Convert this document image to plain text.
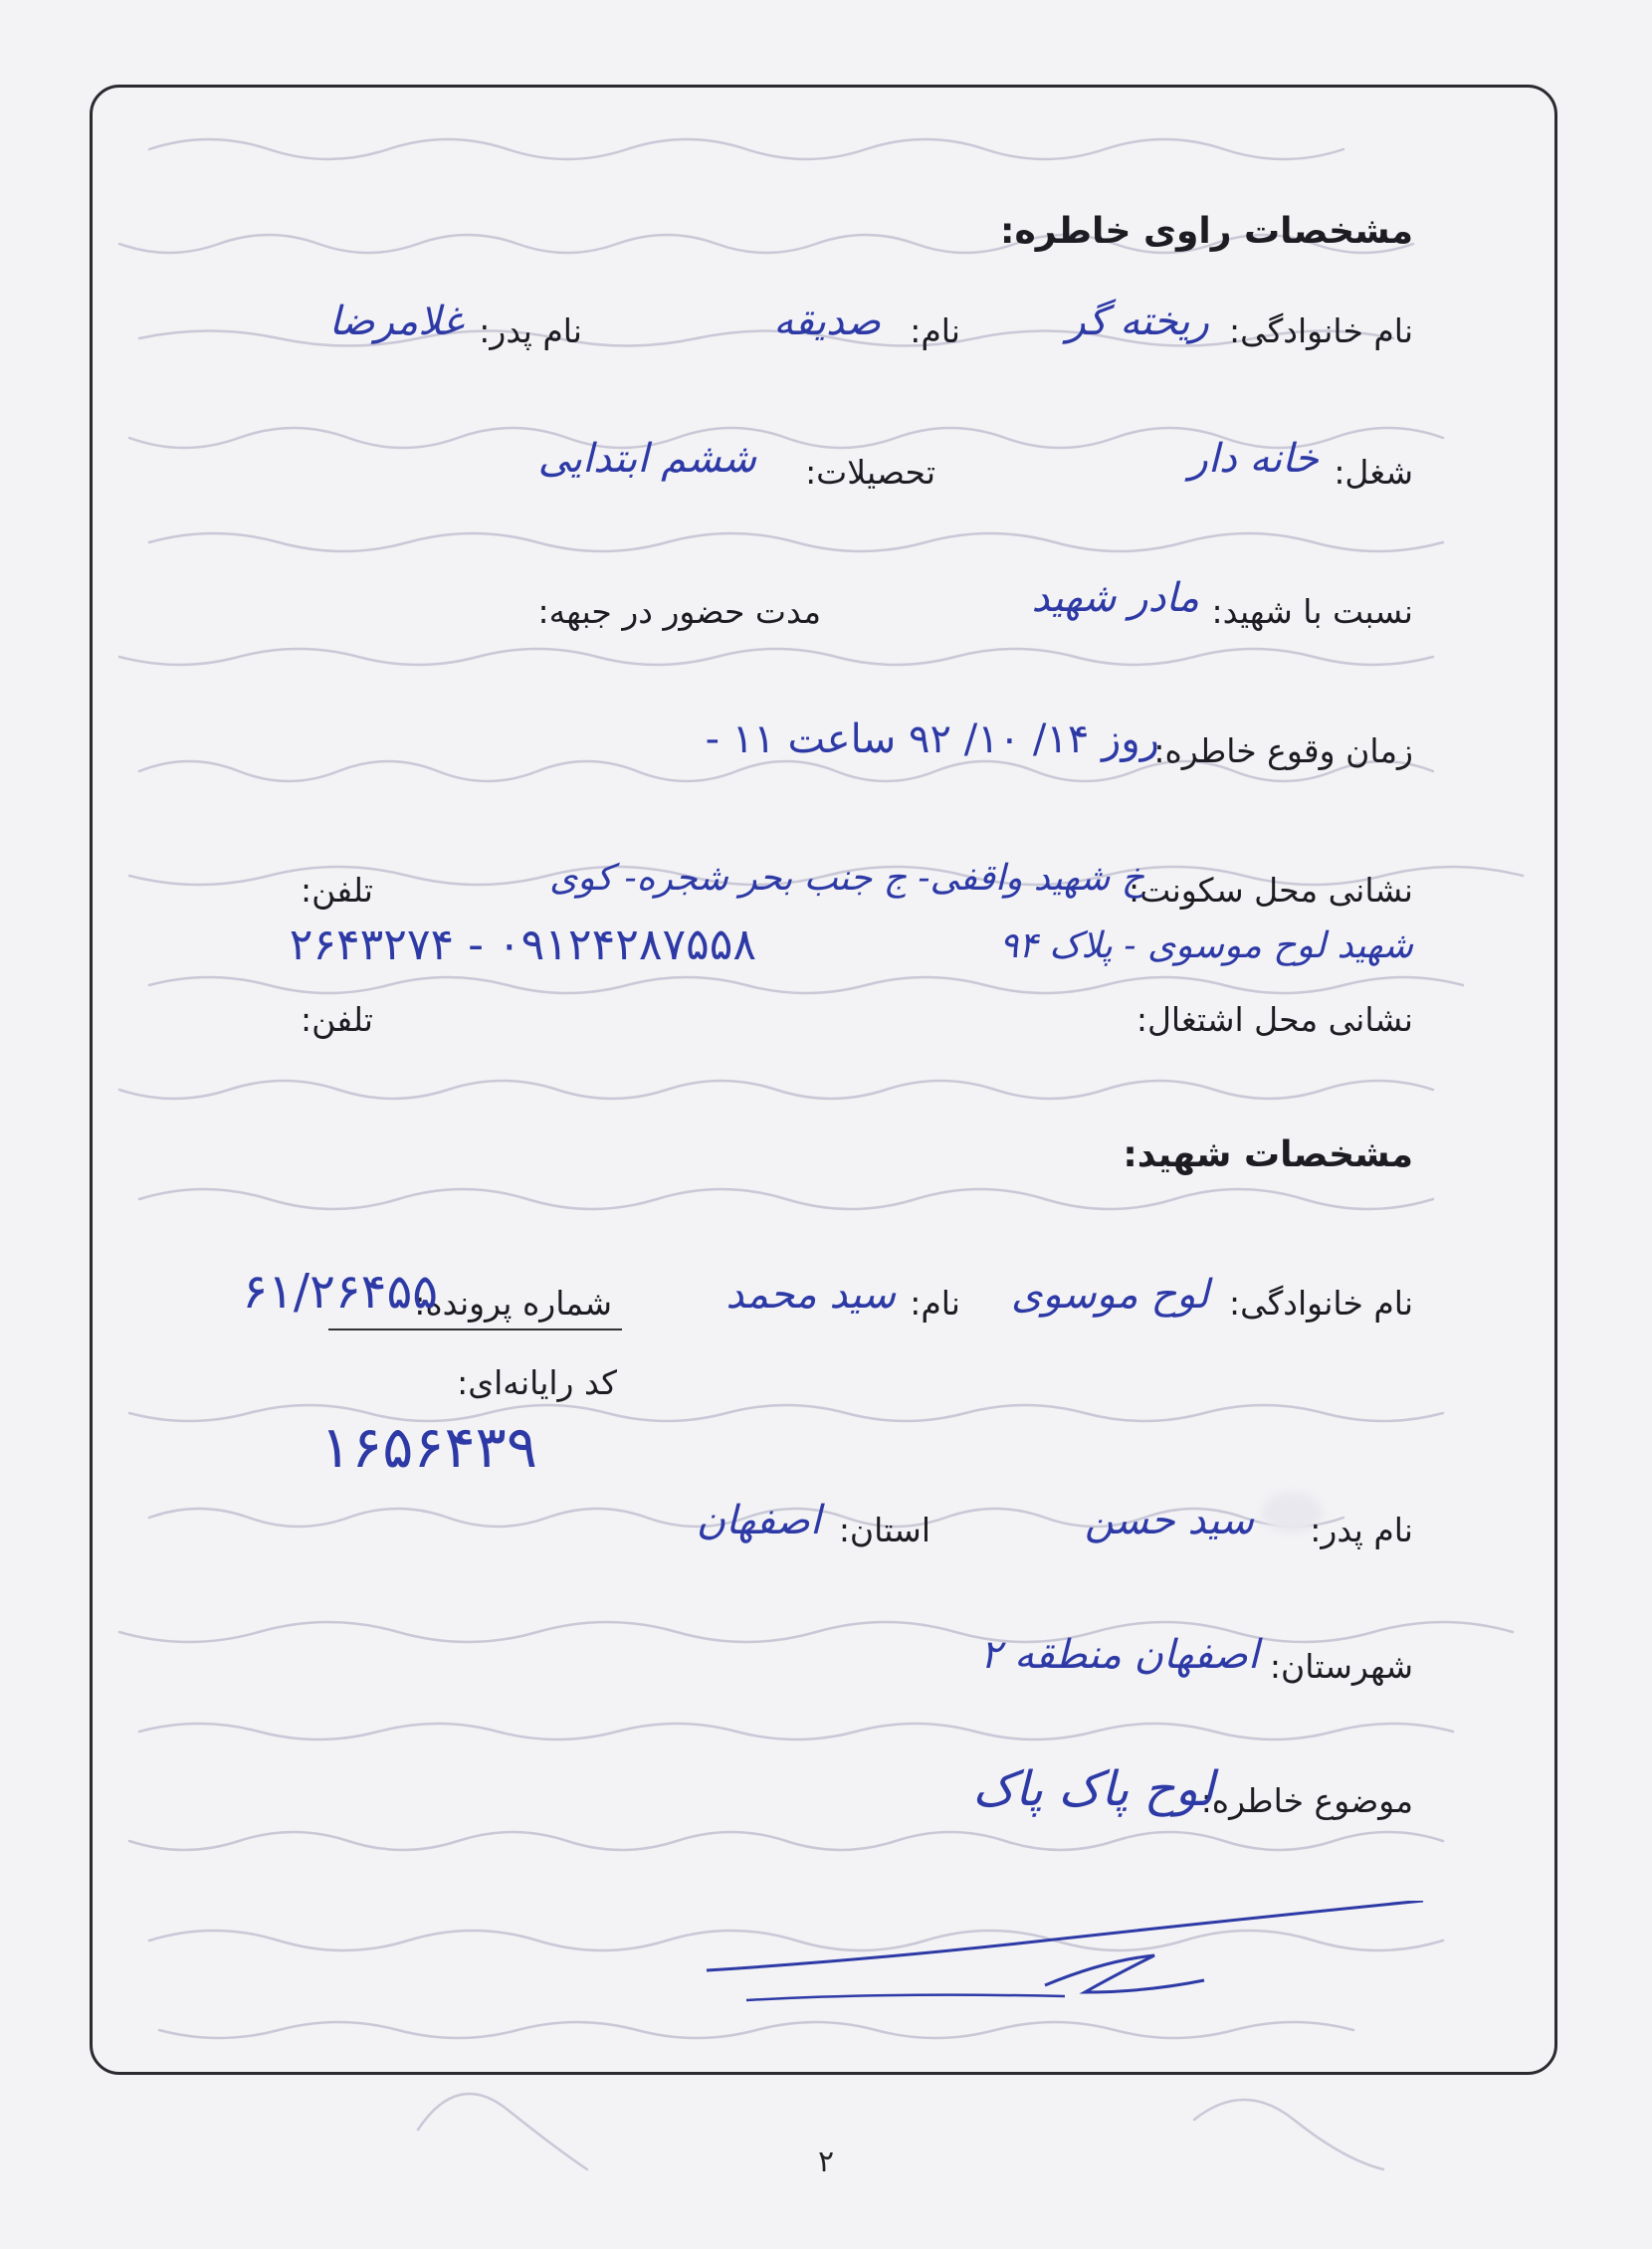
مشخصات راوی خاطره:
نام خانوادگی:
ریخته گر
نام:
صدیقه
نام پدر:
غلامرضا
شغل:
خانه دار
تحصیلات:
ششم ابتدایی
نسبت با شهید:
مادر شهید
مدت حضور در جبهه:
زمان وقوع خاطره:
روز ۱۴/ ۱۰/ ۹۲ ساعت ۱۱ -
نشانی محل سکونت:
خ شهید واقفی- ج جنب بحر شجره- کوی
تلفن:
شهید لوح موسوی - پلاک ۹۴
۰۹۱۲۴۲۸۷۵۵۸ - ۲۶۴۳۲۷۴
نشانی محل اشتغال:
تلفن:
مشخصات شهید:
نام خانوادگی:
لوح موسوی
نام:
سید محمد
شماره پرونده:
۶۱/۲۶۴۵۵
کد رایانه‌ای:
۱۶۵۶۴۳۹
نام پدر:
سید حسن
استان:
اصفهان
شهرستان:
اصفهان منطقه ۲
موضوع خاطره:
لوح پاک پاک
۲
